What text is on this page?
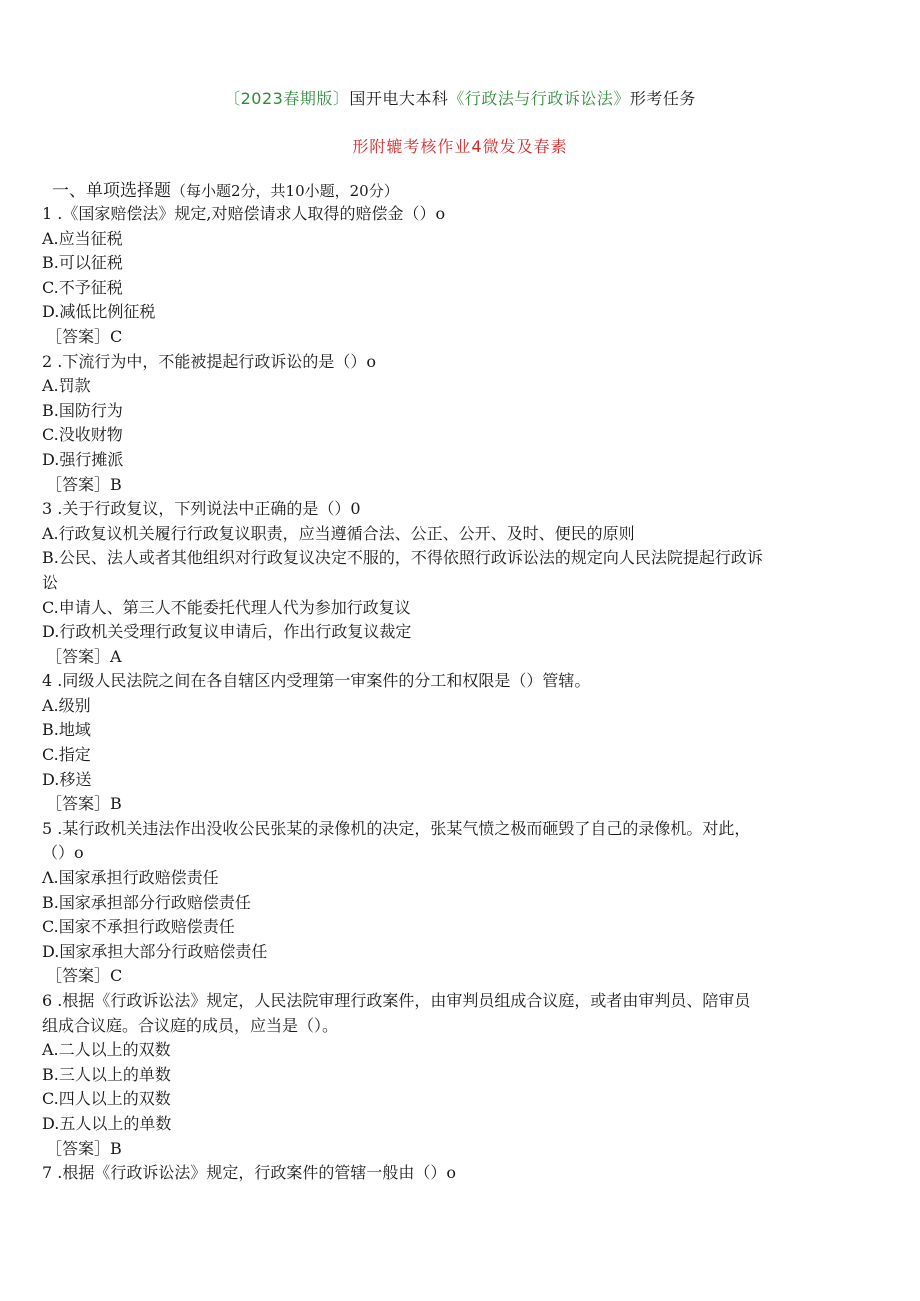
〔2023春期版〕国开电大本科《行政法与行政诉讼法》形考任务
形附辘考核作业4微发及春素
一、单项选择题（每小题2分，共10小题，20分）
1 .《国家赔偿法》规定,对赔偿请求人取得的赔偿金（）o
A.应当征税
B.可以征税
C.不予征税
D.减低比例征税
［答案］C
2 .下流行为中，不能被提起行政诉讼的是（）o
A.罚款
B.国防行为
C.没收财物
D.强行摊派
［答案］B
3 .关于行政复议，下列说法中正确的是（）0
A.行政复议机关履行行政复议职责，应当遵循合法、公正、公开、及时、便民的原则
B.公民、法人或者其他组织对行政复议决定不服的，不得依照行政诉讼法的规定向人民法院提起行政诉
讼
C.申请人、第三人不能委托代理人代为参加行政复议
D.行政机关受理行政复议申请后，作出行政复议裁定
［答案］A
4 .同级人民法院之间在各自辖区内受理第一审案件的分工和权限是（）管辖。
A.级别
B.地域
C.指定
D.移送
［答案］B
5 .某行政机关违法作出没收公民张某的录像机的决定，张某气愤之极而砸毁了自己的录像机。对此，
（）o
Λ.国家承担行政赔偿责任
B.国家承担部分行政赔偿责任
C.国家不承担行政赔偿责任
D.国家承担大部分行政赔偿责任
［答案］C
6 .根据《行政诉讼法》规定，人民法院审理行政案件，由审判员组成合议庭，或者由审判员、陪审员
组成合议庭。合议庭的成员，应当是（）。
A.二人以上的双数
B.三人以上的单数
C.四人以上的双数
D.五人以上的单数
［答案］B
7 .根据《行政诉讼法》规定，行政案件的管辖一般由（）o
